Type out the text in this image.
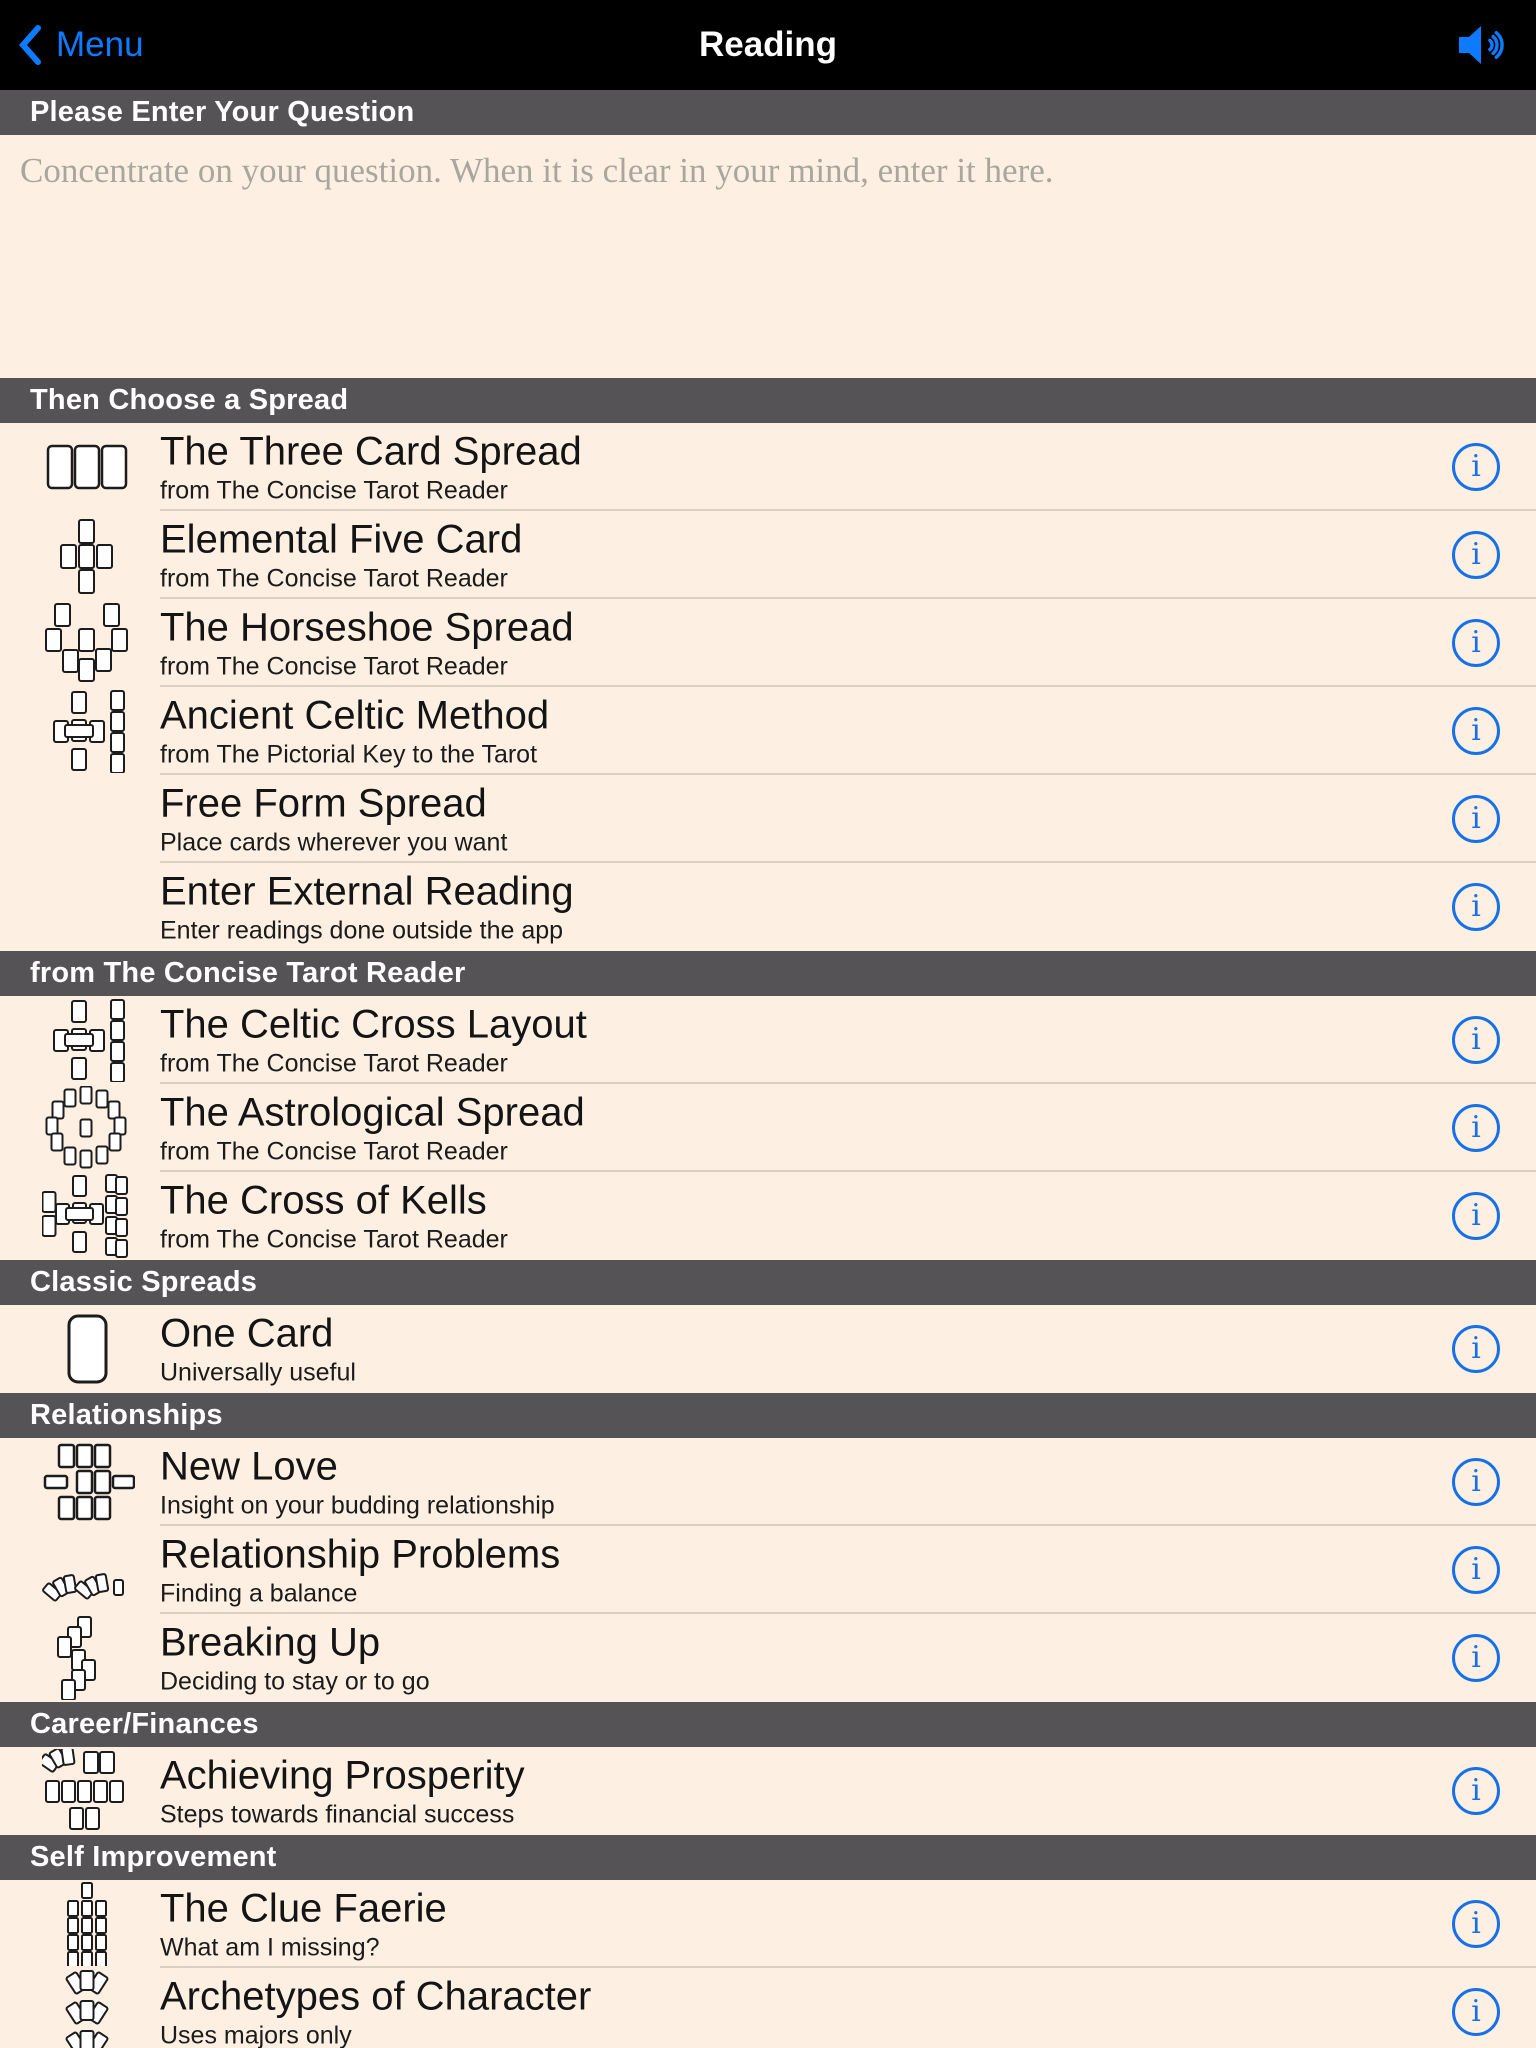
Menu	Reading
Please Enter Your Question
Concentrate on your question. When it is clear in your mind, enter it here.
Then Choose a Spread
The Three Card Spread
from The Concise Tarot Reader
i
Elemental Five Card
from The Concise Tarot Reader
i
The Horseshoe Spread
from The Concise Tarot Reader
i
Ancient Celtic Method
from The Pictorial Key to the Tarot
i
Free Form Spread
Place cards wherever you want
i
Enter External Reading
Enter readings done outside the app
i
from The Concise Tarot Reader
The Celtic Cross Layout
from The Concise Tarot Reader
i
The Astrological Spread
from The Concise Tarot Reader
i
The Cross of Kells
from The Concise Tarot Reader
i
Classic Spreads
One Card
Universally useful
i
Relationships
New Love
Insight on your budding relationship
i
Relationship Problems
Finding a balance
i
Breaking Up
Deciding to stay or to go
i
Career/Finances
Achieving Prosperity
Steps towards financial success
i
Self Improvement
The Clue Faerie
What am I missing?
i
Archetypes of Character
Uses majors only
i
